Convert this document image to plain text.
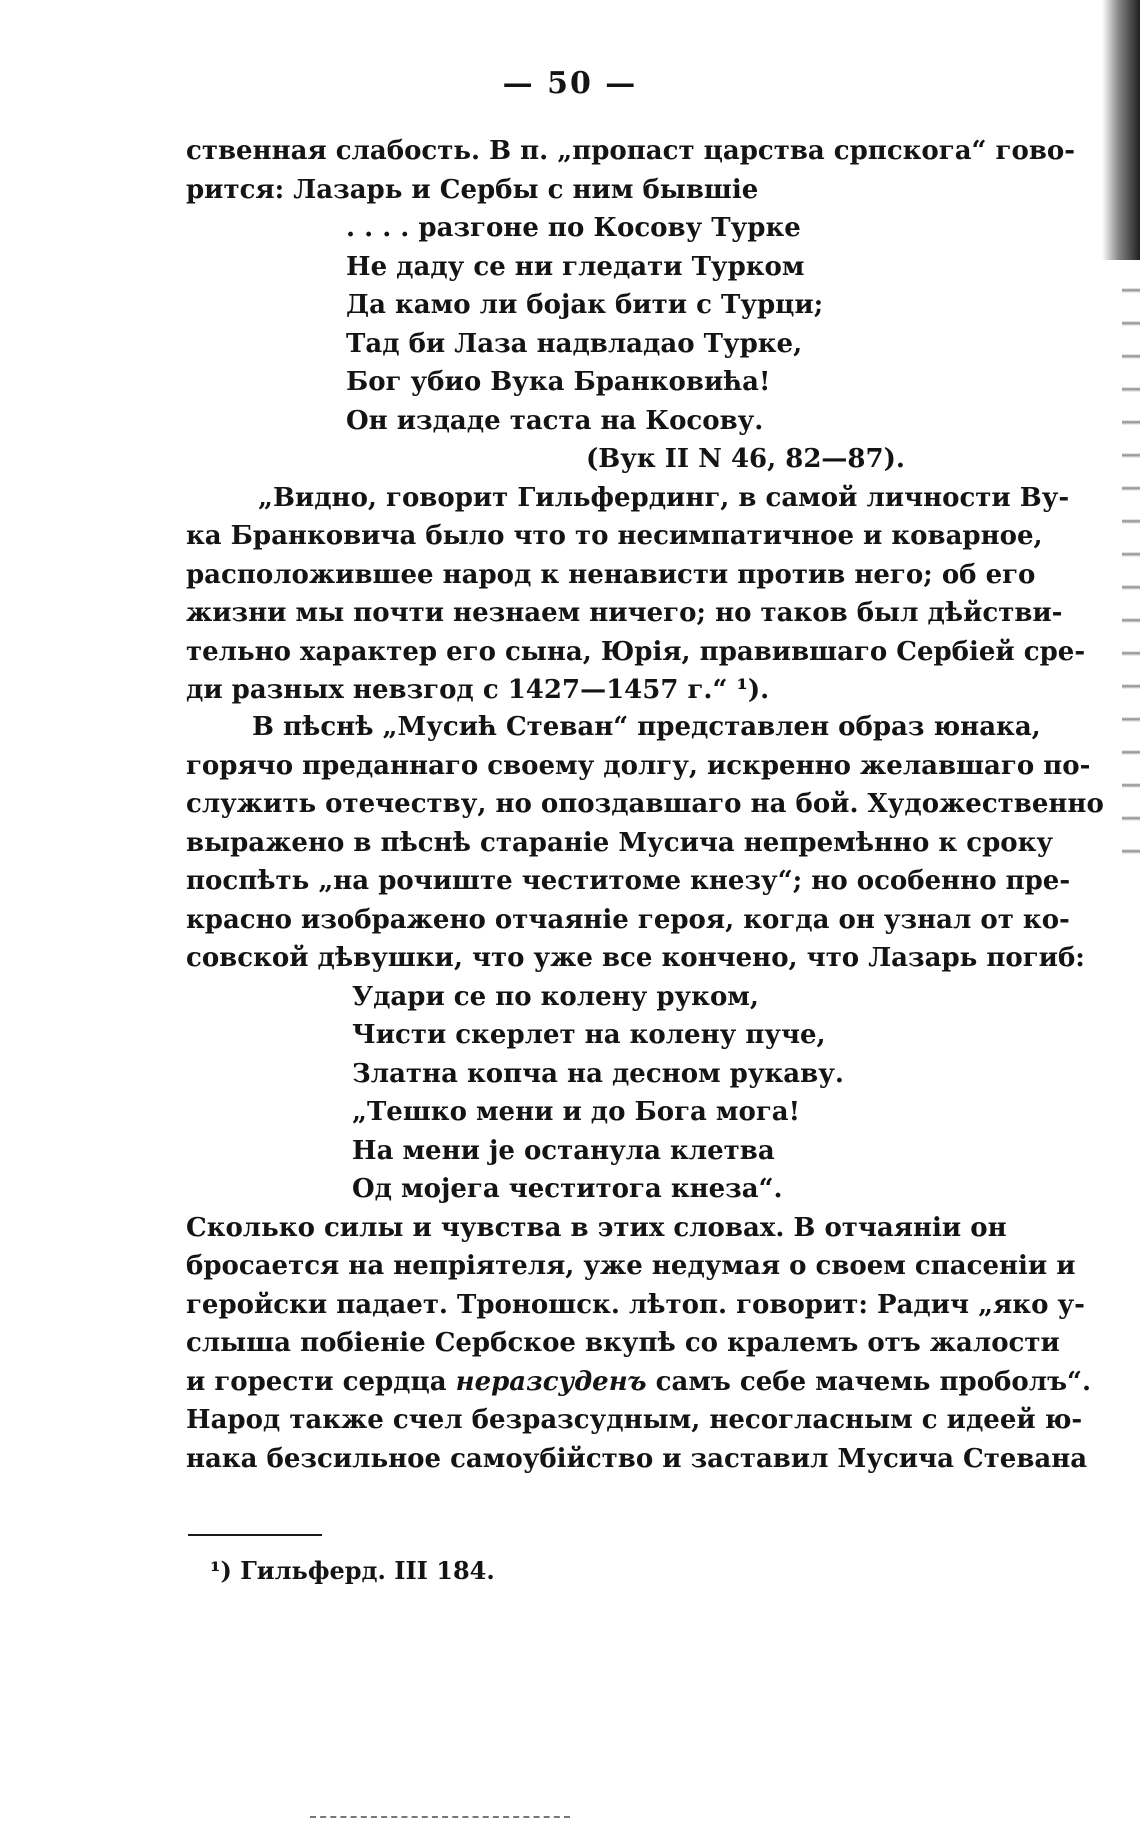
— 50 —
ственная слабость. В п. „пропаст царства српскога“ гово-
рится: Лазарь и Сербы с ним бывшіе
. . . . разгоне по Косову Турке
Не даду се ни гледати Турком
Да камо ли бојак бити с Турци;
Тад би Лаза надвладао Турке,
Бог убио Вука Бранковића!
Он издаде таста на Косову.
(Вук II N 46, 82—87).
„Видно, говорит Гильфердинг, в самой личности Ву-
ка Бранковича было что то несимпатичное и коварное,
расположившее народ к ненависти против него; об его
жизни мы почти незнаем ничего; но таков был дѣйстви-
тельно характер его сына, Юрія, правившаго Сербіей сре-
ди разных невзгод с 1427—1457 г.“ ¹).
В пѣснѣ „Мусић Стеван“ представлен образ юнака,
горячо преданнаго своему долгу, искренно желавшаго по-
служить отечеству, но опоздавшаго на бой. Художественно
выражено в пѣснѣ стараніе Мусича непремѣнно к сроку
поспѣть „на рочиште честитоме кнезу“; но особенно пре-
красно изображено отчаяніе героя, когда он узнал от ко-
совской дѣвушки, что уже все кончено, что Лазарь погиб:
Удари се по колену руком,
Чисти скерлет на колену пуче,
Златна копча на десном рукаву.
„Тешко мени и до Бога мога!
На мени је останула клетва
Од мојега честитога кнеза“.
Сколько силы и чувства в этих словах. В отчаяніи он
бросается на непріятеля, уже недумая о своем спасеніи и
геройски падает. Троношск. лѣтоп. говорит: Радич „яко у-
слыша побіеніе Сербское вкупѣ со кралемъ отъ жалости
и горести сердца неразсуденъ самъ себе мачемь проболъ“.
Народ также счел безразсудным, несогласным с идеей ю-
нака безсильное самоубійство и заставил Мусича Стевана
¹) Гильферд. III 184.
